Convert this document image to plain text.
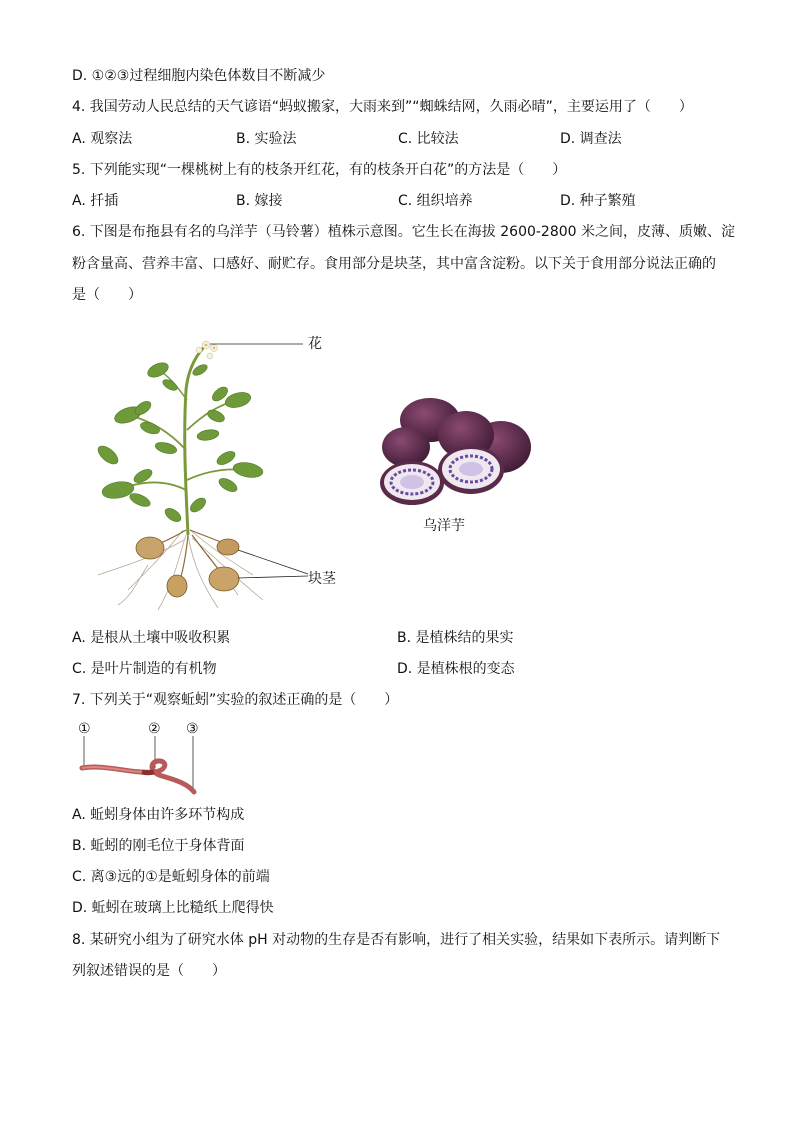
D. ①②③过程细胞内染色体数目不断减少
4. 我国劳动人民总结的天气谚语“蚂蚁搬家，大雨来到”“蜘蛛结网，久雨必晴”，主要运用了（　　）
A. 观察法	B. 实验法	C. 比较法	D. 调查法
5. 下列能实现“一棵桃树上有的枝条开红花，有的枝条开白花”的方法是（　　）
A. 扦插	B. 嫁接	C. 组织培养	D. 种子繁殖
6. 下图是布拖县有名的乌洋芋（马铃薯）植株示意图。它生长在海拔 2600-2800 米之间，皮薄、质嫩、淀
粉含量高、营养丰富、口感好、耐贮存。食用部分是块茎，其中富含淀粉。以下关于食用部分说法正确的
是（　　）
花
块茎
乌洋芋
A. 是根从土壤中吸收积累	B. 是植株结的果实
C. 是叶片制造的有机物	D. 是植株根的变态
7. 下列关于“观察蚯蚓”实验的叙述正确的是（　　）
①	② ③
A. 蚯蚓身体由许多环节构成
B. 蚯蚓的刚毛位于身体背面
C. 离③远的①是蚯蚓身体的前端
D. 蚯蚓在玻璃上比糙纸上爬得快
8. 某研究小组为了研究水体 pH 对动物的生存是否有影响，进行了相关实验，结果如下表所示。请判断下
列叙述错误的是（　　）
